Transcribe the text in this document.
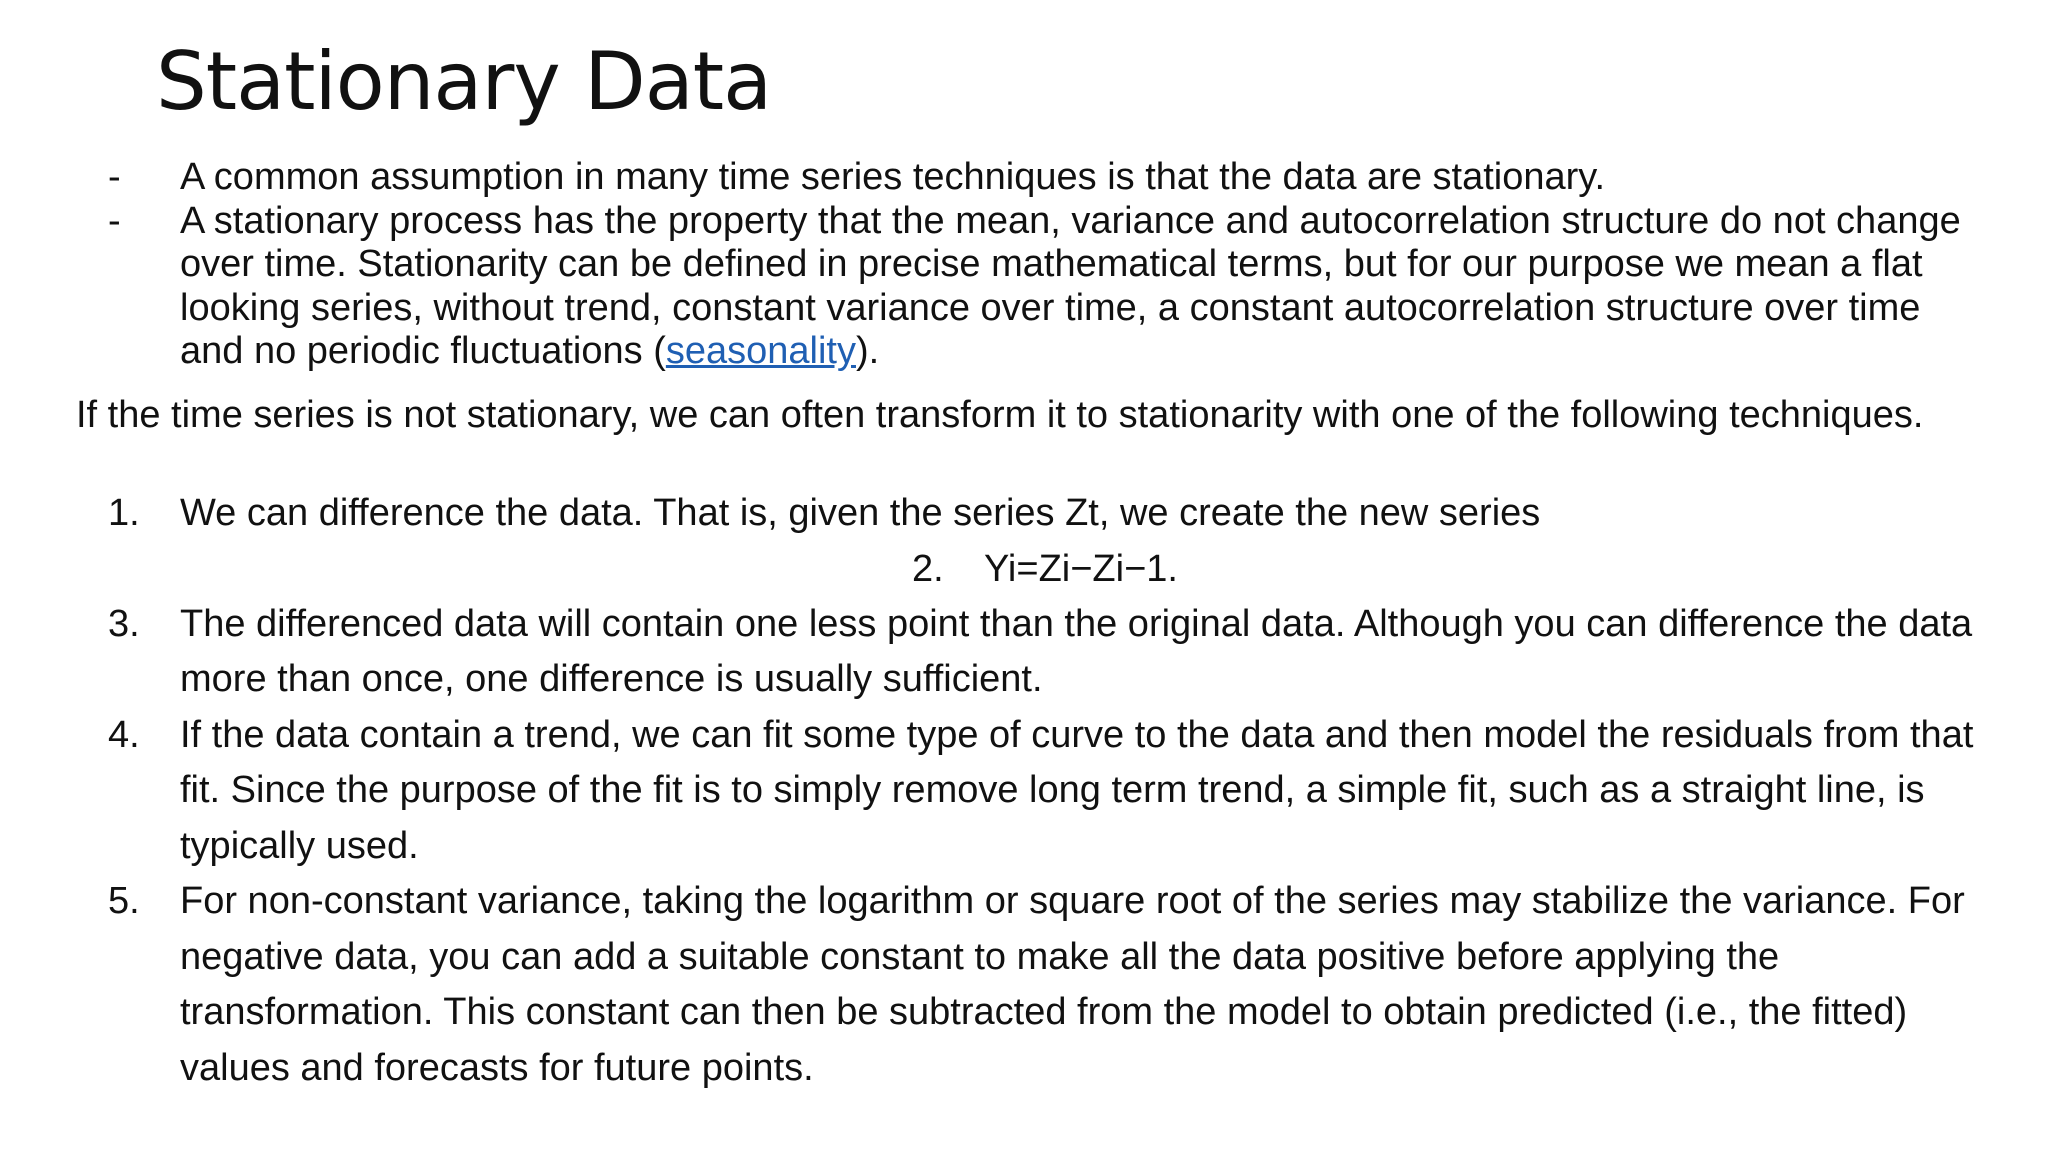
Stationary Data
- A common assumption in many time series techniques is that the data are stationary.
- A stationary process has the property that the mean, variance and autocorrelation structure do not change over time. Stationarity can be defined in precise mathematical terms, but for our purpose we mean a flat looking series, without trend, constant variance over time, a constant autocorrelation structure over time and no periodic fluctuations (seasonality).
If the time series is not stationary, we can often transform it to stationarity with one of the following techniques.
1. We can difference the data. That is, given the series Zt, we create the new series
2. Yi=Zi−Zi−1.
3. The differenced data will contain one less point than the original data. Although you can difference the data more than once, one difference is usually sufficient.
4. If the data contain a trend, we can fit some type of curve to the data and then model the residuals from that fit. Since the purpose of the fit is to simply remove long term trend, a simple fit, such as a straight line, is typically used.
5. For non-constant variance, taking the logarithm or square root of the series may stabilize the variance. For negative data, you can add a suitable constant to make all the data positive before applying the transformation. This constant can then be subtracted from the model to obtain predicted (i.e., the fitted) values and forecasts for future points.
